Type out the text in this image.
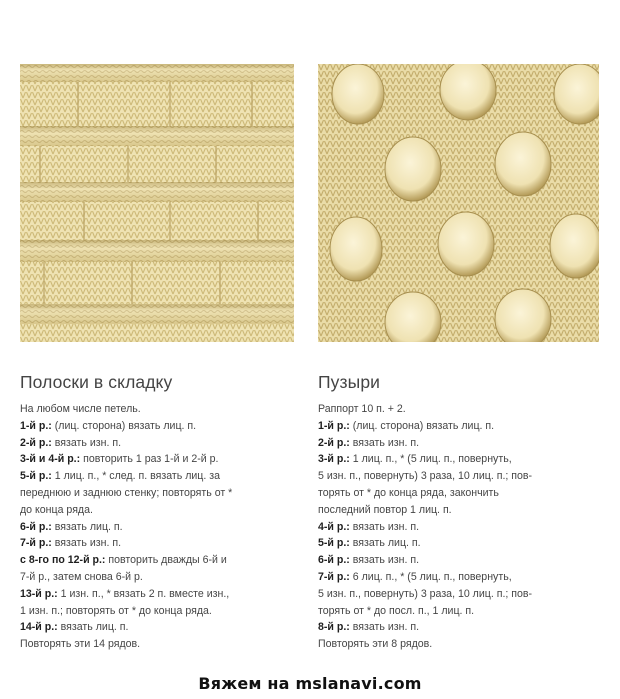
Полоски в складку
На любом числе петель.
1-й р.: (лиц. сторона) вязать лиц. п.
2-й р.: вязать изн. п.
3-й и 4-й р.: повторить 1 раз 1-й и 2-й р.
5-й р.: 1 лиц. п., * след. п. вязать лиц. за
переднюю и заднюю стенку; повторять от *
до конца ряда.
6-й р.: вязать лиц. п.
7-й р.: вязать изн. п.
с 8-го по 12-й р.: повторить дважды 6-й и
7-й р., затем снова 6-й р.
13-й р.: 1 изн. п., * вязать 2 п. вместе изн.,
1 изн. п.; повторять от * до конца ряда.
14-й р.: вязать лиц. п.
Повторять эти 14 рядов.
Пузыри
Раппорт 10 п. + 2.
1-й р.: (лиц. сторона) вязать лиц. п.
2-й р.: вязать изн. п.
3-й р.: 1 лиц. п., * (5 лиц. п., повернуть,
5 изн. п., повернуть) 3 раза, 10 лиц. п.; пов-
торять от * до конца ряда, закончить
последний повтор 1 лиц. п.
4-й р.: вязать изн. п.
5-й р.: вязать лиц. п.
6-й р.: вязать изн. п.
7-й р.: 6 лиц. п., * (5 лиц. п., повернуть,
5 изн. п., повернуть) 3 раза, 10 лиц. п.; пов-
торять от * до посл. п., 1 лиц. п.
8-й р.: вязать изн. п.
Повторять эти 8 рядов.
Вяжем на mslanavi.com
